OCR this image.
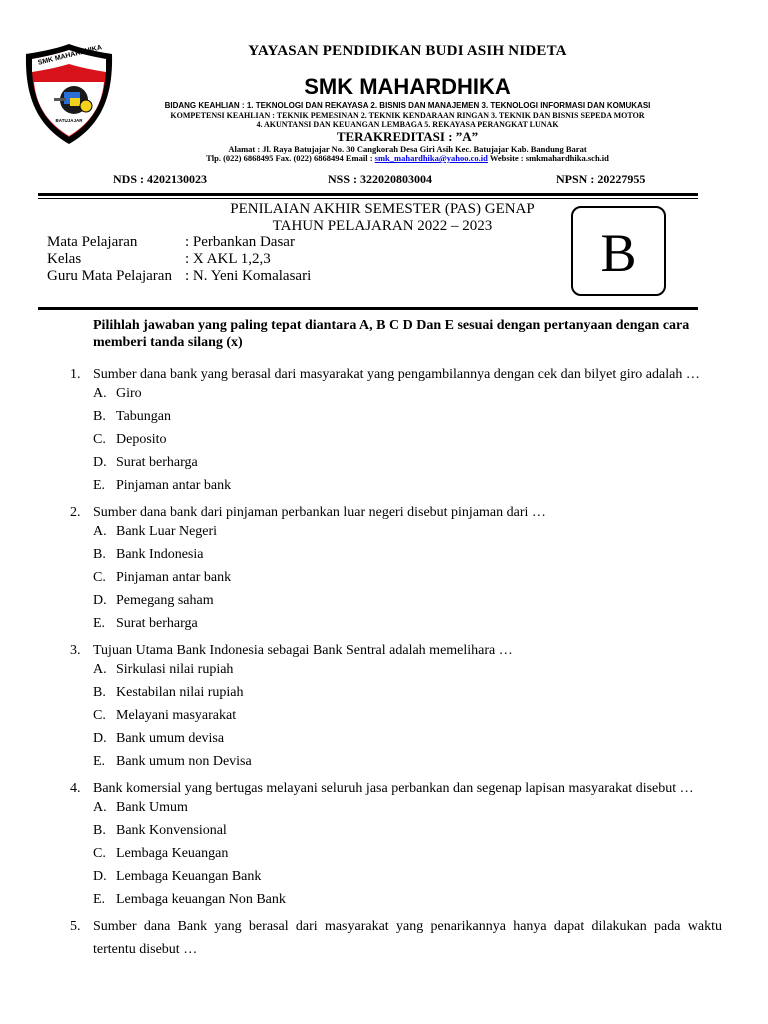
SMK MAHARDHIKA
BATUJAJAR
YAYASAN PENDIDIKAN BUDI ASIH NIDETA
SMK MAHARDHIKA
BIDANG KEAHLIAN : 1. TEKNOLOGI DAN REKAYASA 2. BISNIS DAN MANAJEMEN 3. TEKNOLOGI INFORMASI DAN KOMUKASI
KOMPETENSI KEAHLIAN : TEKNIK PEMESINAN 2. TEKNIK KENDARAAN RINGAN 3. TEKNIK DAN BISNIS SEPEDA MOTOR
4. AKUNTANSI DAN KEUANGAN LEMBAGA 5. REKAYASA PERANGKAT LUNAK
TERAKREDITASI : ”A”
Alamat : Jl. Raya Batujajar No. 30 Cangkorah Desa Giri Asih Kec. Batujajar Kab. Bandung Barat
Tlp. (022) 6868495 Fax. (022) 6868494 Email : smk_mahardhika@yahoo.co.id Website : smkmahardhika.sch.id
NDS : 4202130023	NSS : 322020803004	NPSN : 20227955
PENILAIAN AKHIR SEMESTER (PAS) GENAP
TAHUN PELAJARAN 2022 – 2023
Mata Pelajaran	: Perbankan Dasar
Kelas	: X AKL 1,2,3
Guru Mata Pelajaran : N. Yeni Komalasari	B
Pilihlah jawaban yang paling tepat diantara A, B C D Dan E sesuai dengan pertanyaan dengan cara memberi tanda silang (x)
1. Sumber dana bank yang berasal dari masyarakat yang pengambilannya dengan cek dan bilyet giro adalah …
A. Giro
B. Tabungan
C. Deposito
D. Surat berharga
E. Pinjaman antar bank
2. Sumber dana bank dari pinjaman perbankan luar negeri disebut pinjaman dari …
A. Bank Luar Negeri
B. Bank Indonesia
C. Pinjaman antar bank
D. Pemegang saham
E. Surat berharga
3. Tujuan Utama Bank Indonesia sebagai Bank Sentral adalah memelihara …
A. Sirkulasi nilai rupiah
B. Kestabilan nilai rupiah
C. Melayani masyarakat
D. Bank umum devisa
E. Bank umum non Devisa
4. Bank komersial yang bertugas melayani seluruh jasa perbankan dan segenap lapisan masyarakat disebut …
A. Bank Umum
B. Bank Konvensional
C. Lembaga Keuangan
D. Lembaga Keuangan Bank
E. Lembaga keuangan Non Bank
5. Sumber dana Bank yang berasal dari masyarakat yang penarikannya hanya dapat dilakukan pada waktu
tertentu disebut …
